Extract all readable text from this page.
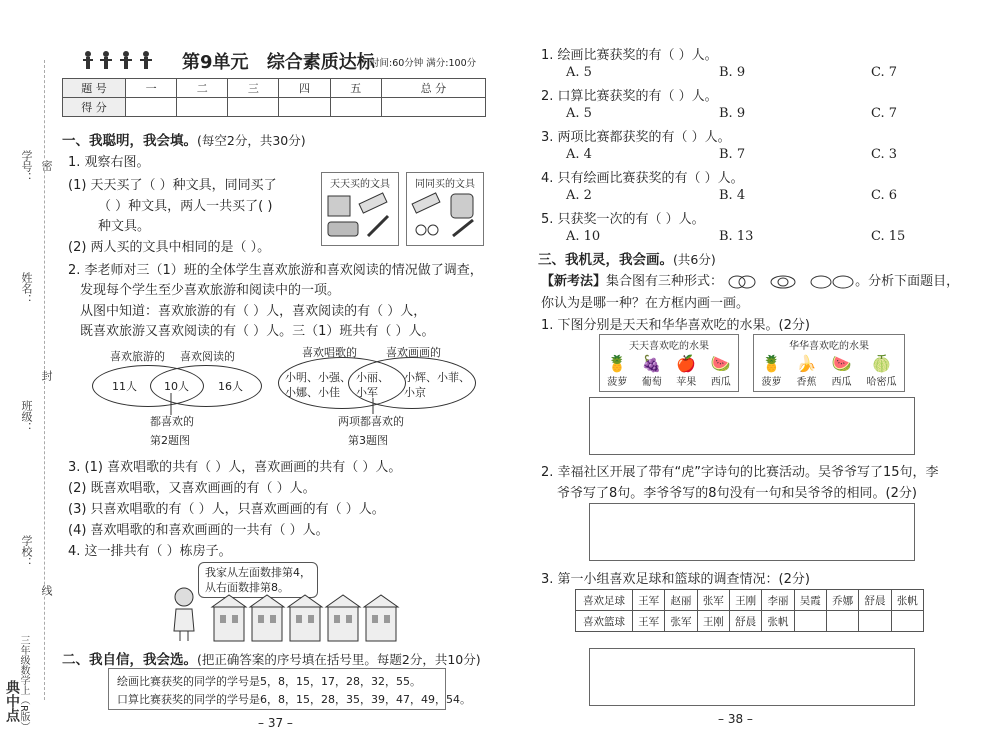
学号：
姓名：
班级：
学校：
密
封
线
三年级数学上（R版）
典中点
第9单元 综合素质达标
时间:60分钟 满分:100分
题 号	一	二	三	四	五	总 分
得 分						
一、我聪明，我会填。(每空2分，共30分)
1. 观察右图。
(1) 天天买了（ ）种文具，同同买了
（ ）种文具，两人一共买了( )
种文具。
(2) 两人买的文具中相同的是（ ）。
天天买的文具	同同买的文具
2. 李老师对三（1）班的全体学生喜欢旅游和喜欢阅读的情况做了调查，
发现每个学生至少喜欢旅游和阅读中的一项。
从图中知道：喜欢旅游的有（ ）人，喜欢阅读的有（ ）人，
既喜欢旅游又喜欢阅读的有（ ）人。三（1）班共有（ ）人。
喜欢旅游的 喜欢阅读的
11人 10人	16人
都喜欢的
第2题图
喜欢唱歌的	喜欢画画的
小明、小强、
小娜、小佳
小丽、
小军
小辉、小菲、
小京
两项都喜欢的
第3题图
3. (1) 喜欢唱歌的共有（ ）人，喜欢画画的共有（ ）人。
(2) 既喜欢唱歌，又喜欢画画的有（ ）人。
(3) 只喜欢唱歌的有（ ）人，只喜欢画画的有（ ）人。
(4) 喜欢唱歌的和喜欢画画的一共有（ ）人。
4. 这一排共有（ ）栋房子。
我家从左面数排第4，
从右面数排第8。
二、我自信，我会选。(把正确答案的序号填在括号里。每题2分，共10分)
绘画比赛获奖的同学的学号是5，8，15，17，28，32，55。
口算比赛获奖的同学的学号是6，8，15，28，35，39，47，49，54。
– 37 –
1. 绘画比赛获奖的有（ ）人。
A. 5	B. 9	C. 7
2. 口算比赛获奖的有（ ）人。
A. 5	B. 9	C. 7
3. 两项比赛都获奖的有（ ）人。
A. 4	B. 7	C. 3
4. 只有绘画比赛获奖的有（ ）人。
A. 2	B. 4	C. 6
5. 只获奖一次的有（ ）人。
A. 10	B. 13	C. 15
三、我机灵，我会画。(共6分)
【新考法】集合图有三种形式：	。分析下面题目，
你认为是哪一种？在方框内画一画。
1. 下图分别是天天和华华喜欢吃的水果。(2分)
天天喜欢吃的水果
🍍
菠萝
🍇
葡萄
🍎
苹果
🍉
西瓜
华华喜欢吃的水果
🍍
菠萝
🍌
香蕉
🍉
西瓜
🍈
哈密瓜
2. 幸福社区开展了带有“虎”字诗句的比赛活动。吴爷爷写了15句，李
爷爷写了8句。李爷爷写的8句没有一句和吴爷爷的相同。(2分)
3. 第一小组喜欢足球和篮球的调查情况：(2分)
喜欢足球	王军	赵丽	张军	王刚	李丽	吴霞	乔娜	舒晨	张帆
喜欢篮球	王军	张军	王刚	舒晨	张帆				
– 38 –
